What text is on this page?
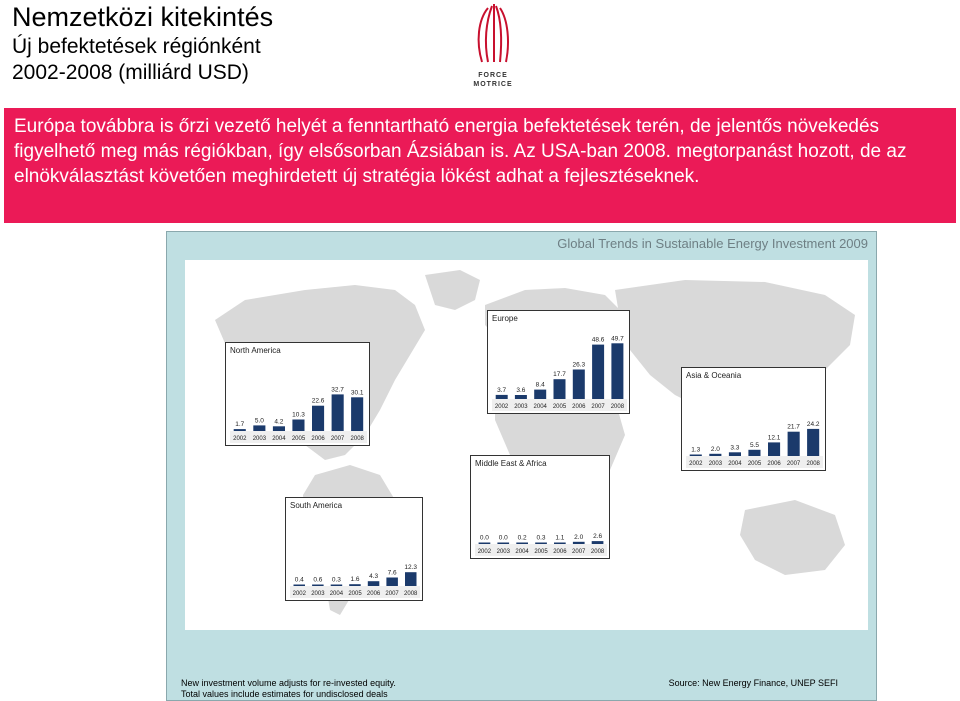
Nemzetközi kitekintés
Új befektetések régiónként
2002-2008 (milliárd USD)	FORCE
MOTRICE
Európa továbbra is őrzi vezető helyét a fenntartható energia befektetések terén, de jelentős növekedés figyelhető meg más régiókban, így elsősorban Ázsiában is. Az USA-ban 2008. megtorpanást hozott, de az elnökválasztást követően meghirdetett új stratégia lökést adhat a fejlesztéseknek.
Global Trends in Sustainable Energy Investment 2009
North America
1.7
2002
5.0
2003
4.2
2004
10.3
2005
22.6
2006
32.7
2007
30.1
2008
Europe
3.7
2002
3.6
2003
8.4
2004
17.7
2005
26.3
2006
48.6
2007
49.7
2008
Asia & Oceania
1.3
2002
2.0
2003
3.3
2004
5.5
2005
12.1
2006
21.7
2007
24.2
2008
Middle East & Africa
0.0
2002
0.0
2003
0.2
2004
0.3
2005
1.1
2006
2.0
2007
2.6
2008
South America
0.4
2002
0.6
2003
0.3
2004
1.6
2005
4.3
2006
7.6
2007
12.3
2008
New investment volume adjusts for re-invested equity.
Total values include estimates for undisclosed deals
Source: New Energy Finance, UNEP SEFI
